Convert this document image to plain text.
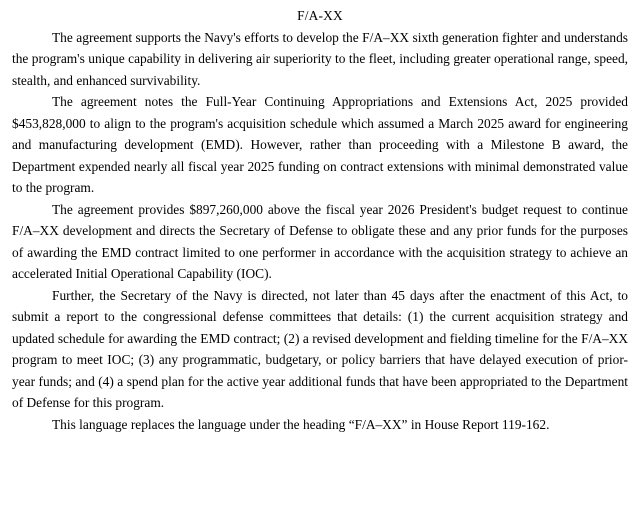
F/A-XX

The agreement supports the Navy's efforts to develop the F/A–XX sixth generation fighter and understands the program's unique capability in delivering air superiority to the fleet, including greater operational range, speed, stealth, and enhanced survivability.

The agreement notes the Full-Year Continuing Appropriations and Extensions Act, 2025 provided $453,828,000 to align to the program's acquisition schedule which assumed a March 2025 award for engineering and manufacturing development (EMD). However, rather than proceeding with a Milestone B award, the Department expended nearly all fiscal year 2025 funding on contract extensions with minimal demonstrated value to the program.

The agreement provides $897,260,000 above the fiscal year 2026 President's budget request to continue F/A–XX development and directs the Secretary of Defense to obligate these and any prior funds for the purposes of awarding the EMD contract limited to one performer in accordance with the acquisition strategy to achieve an accelerated Initial Operational Capability (IOC).

Further, the Secretary of the Navy is directed, not later than 45 days after the enactment of this Act, to submit a report to the congressional defense committees that details: (1) the current acquisition strategy and updated schedule for awarding the EMD contract; (2) a revised development and fielding timeline for the F/A–XX program to meet IOC; (3) any programmatic, budgetary, or policy barriers that have delayed execution of prior-year funds; and (4) a spend plan for the active year additional funds that have been appropriated to the Department of Defense for this program.

This language replaces the language under the heading “F/A–XX” in House Report 119-162.
